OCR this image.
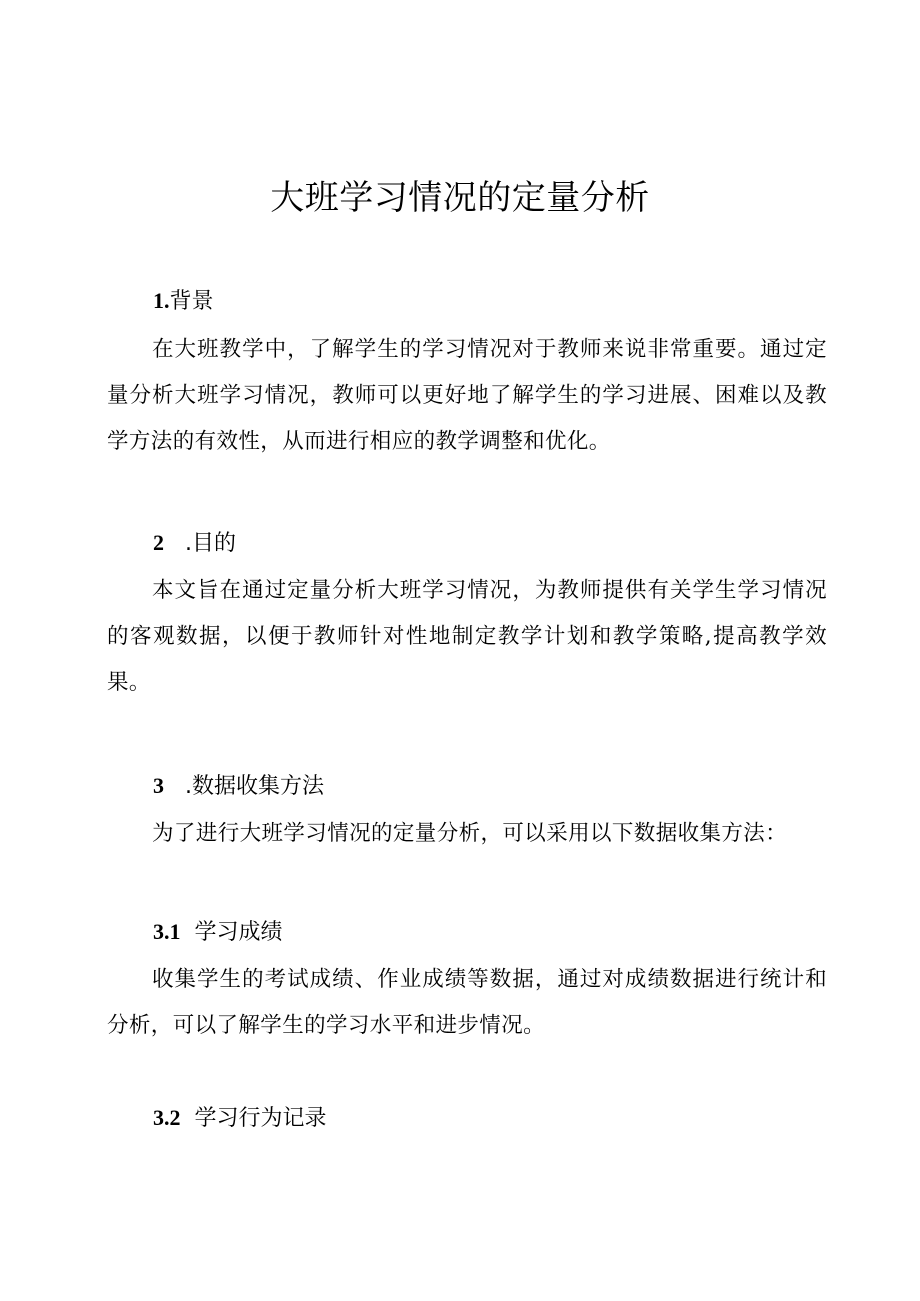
大班学习情况的定量分析
1.背景

在大班教学中，了解学生的学习情况对于教师来说非常重要。通过定量分析大班学习情况，教师可以更好地了解学生的学习进展、困难以及教学方法的有效性，从而进行相应的教学调整和优化。

2 .目的

本文旨在通过定量分析大班学习情况，为教师提供有关学生学习情况的客观数据，以便于教师针对性地制定教学计划和教学策略,提高教学效果。

3 .数据收集方法

为了进行大班学习情况的定量分析，可以采用以下数据收集方法：

3.1 学习成绩

收集学生的考试成绩、作业成绩等数据，通过对成绩数据进行统计和分析，可以了解学生的学习水平和进步情况。

3.2 学习行为记录
